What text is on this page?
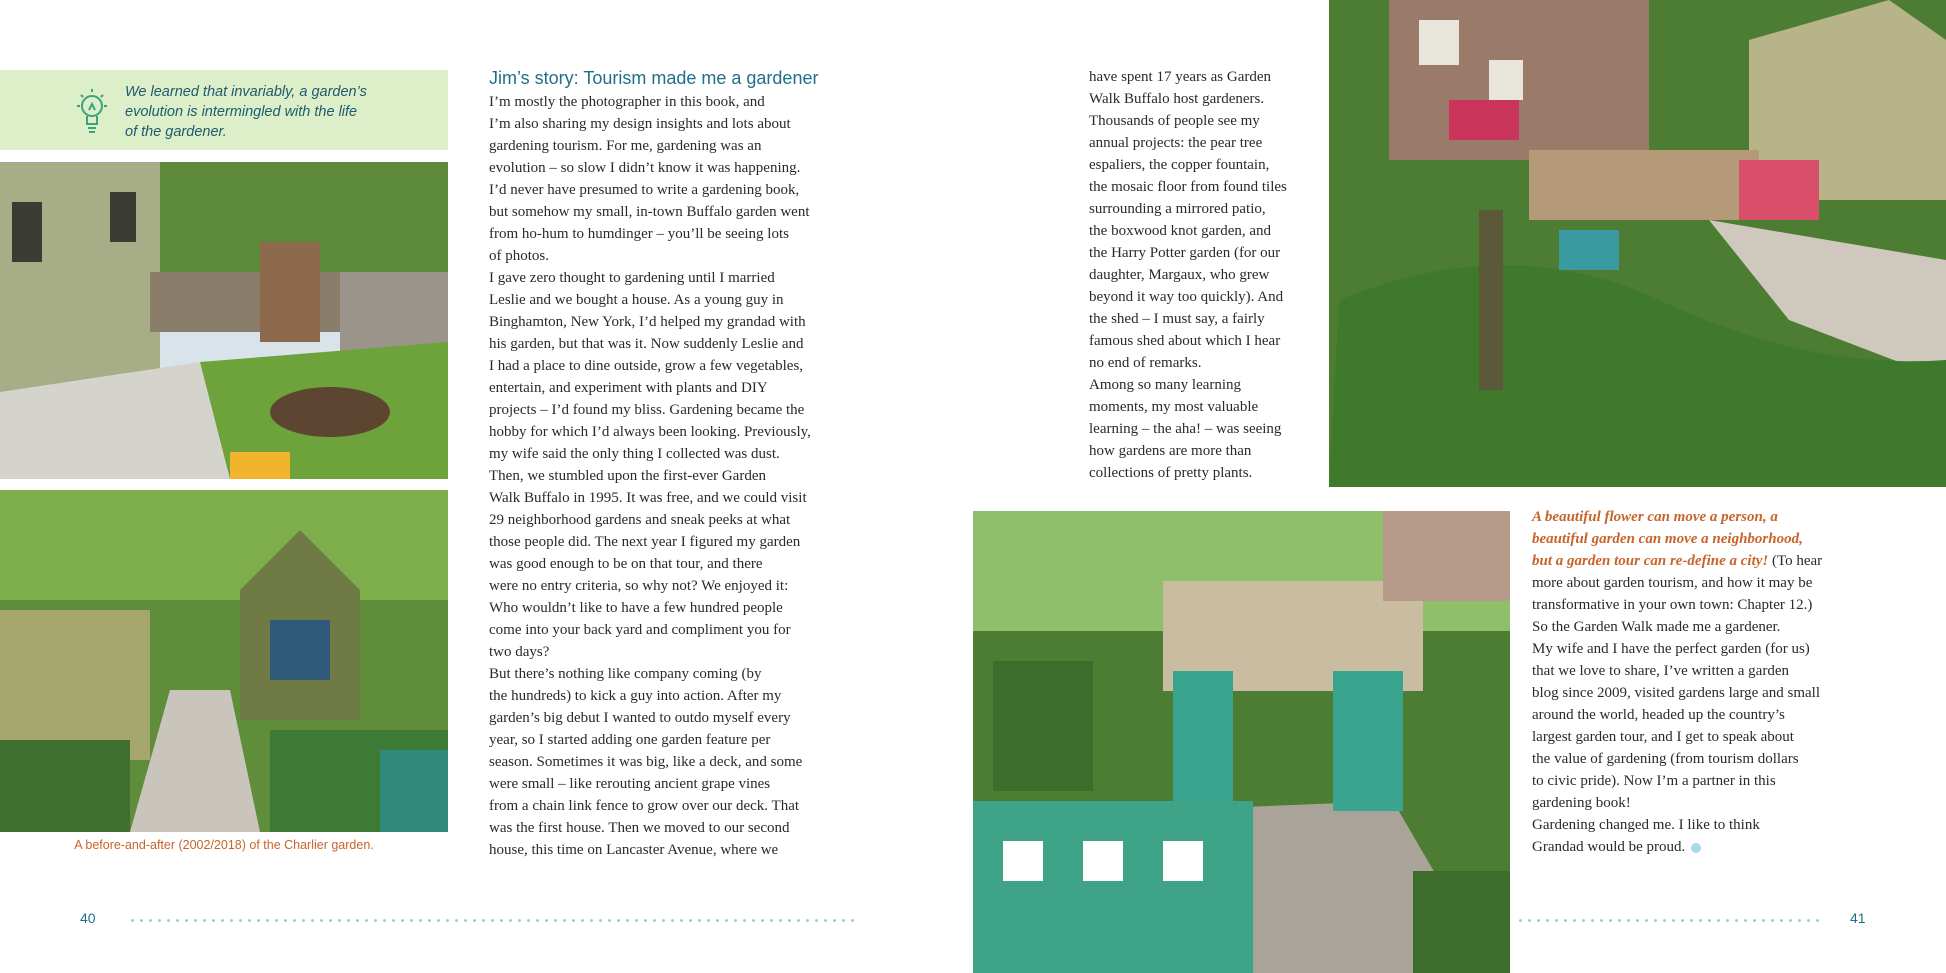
We learned that invariably, a garden’s
evolution is intermingled with the life
of the gardener.
A before-and-after (2002/2018) of the Charlier garden.
Jim’s story: Tourism made me a gardener
I’m mostly the photographer in this book, and
I’m also sharing my design insights and lots about
gardening tourism. For me, gardening was an
evolution – so slow I didn’t know it was happening.
I’d never have presumed to write a gardening book,
but somehow my small, in-town Buffalo garden went
from ho-hum to humdinger – you’ll be seeing lots
of photos.
I gave zero thought to gardening until I married
Leslie and we bought a house. As a young guy in
Binghamton, New York, I’d helped my grandad with
his garden, but that was it. Now suddenly Leslie and
I had a place to dine outside, grow a few vegetables,
entertain, and experiment with plants and DIY
projects – I’d found my bliss. Gardening became the
hobby for which I’d always been looking. Previously,
my wife said the only thing I collected was dust.
Then, we stumbled upon the first-ever Garden
Walk Buffalo in 1995. It was free, and we could visit
29 neighborhood gardens and sneak peeks at what
those people did. The next year I figured my garden
was good enough to be on that tour, and there
were no entry criteria, so why not? We enjoyed it:
Who wouldn’t like to have a few hundred people
come into your back yard and compliment you for
two days?
But there’s nothing like company coming (by
the hundreds) to kick a guy into action. After my
garden’s big debut I wanted to outdo myself every
year, so I started adding one garden feature per
season. Sometimes it was big, like a deck, and some
were small – like rerouting ancient grape vines
from a chain link fence to grow over our deck. That
was the first house. Then we moved to our second
house, this time on Lancaster Avenue, where we
have spent 17 years as Garden
Walk Buffalo host gardeners.
Thousands of people see my
annual projects: the pear tree
espaliers, the copper fountain,
the mosaic floor from found tiles
surrounding a mirrored patio,
the boxwood knot garden, and
the Harry Potter garden (for our
daughter, Margaux, who grew
beyond it way too quickly). And
the shed – I must say, a fairly
famous shed about which I hear
no end of remarks.
Among so many learning
moments, my most valuable
learning – the aha! – was seeing
how gardens are more than
collections of pretty plants.
A beautiful flower can move a person, a
beautiful garden can move a neighborhood,
but a garden tour can re-define a city! (To hear
more about garden tourism, and how it may be
transformative in your own town: Chapter 12.)
So the Garden Walk made me a gardener.
My wife and I have the perfect garden (for us)
that we love to share, I’ve written a garden
blog since 2009, visited gardens large and small
around the world, headed up the country’s
largest garden tour, and I get to speak about
the value of gardening (from tourism dollars
to civic pride). Now I’m a partner in this
gardening book!
Gardening changed me. I like to think
Grandad would be proud.
40	41
